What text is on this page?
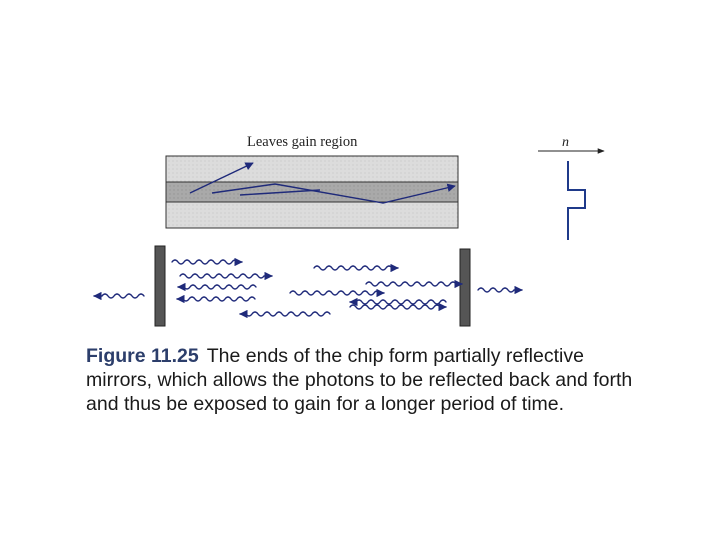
Leaves gain region	n
Figure 11.25 The ends of the chip form partially reflective mirrors, which allows the photons to be reflected back and forth and thus be exposed to gain for a longer period of time.
